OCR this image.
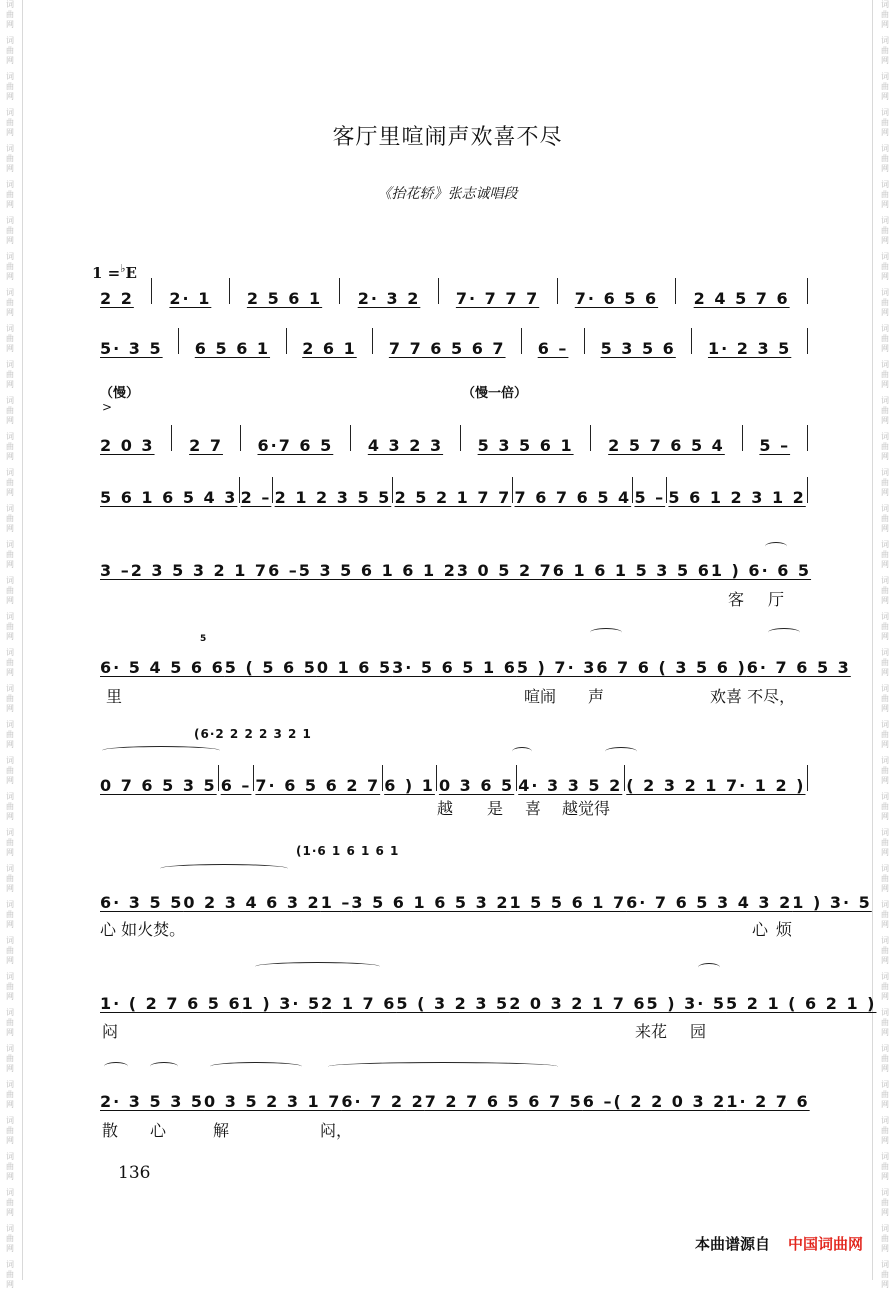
词
曲
网
词
曲
网
词
曲
网
词
曲
网
词
曲
网
词
曲
网
词
曲
网
词
曲
网
词
曲
网
词
曲
网
词
曲
网
词
曲
网
词
曲
网
词
曲
网
词
曲
网
词
曲
网
词
曲
网
词
曲
网
词
曲
网
词
曲
网
词
曲
网
词
曲
网
词
曲
网
词
曲
网
词
曲
网
词
曲
网
词
曲
网
词
曲
网
词
曲
网
词
曲
网
词
曲
网
词
曲
网
词
曲
网
词
曲
网
词
曲
网
词
曲
网
词
曲
网
词
曲
网
词
曲
网
词
曲
网
词
曲
网
词
曲
网
词
曲
网
词
曲
网
词
曲
网
词
曲
网
词
曲
网
词
曲
网
词
曲
网
词
曲
网
词
曲
网
词
曲
网
词
曲
网
词
曲
网
词
曲
网
词
曲
网
词
曲
网
词
曲
网
词
曲
网
词
曲
网
词
曲
网
词
曲
网
词
曲
网
词
曲
网
词
曲
网
词
曲
网
词
曲
网
词
曲
网
词
曲
网
词
曲
网
词
曲
网
词
曲
网
客厅里喧闹声欢喜不尽
《抬花轿》张志诚唱段
1 =♭E
（慢）	（慢一倍）
>
2 2 2· 1 2 5 6 1 2· 3 2 7· 7 7 7 7· 6 5 6 2 4 5 7 6
5· 3 5 6 5 6 1 2 6 1 7 7 6 5 6 7 6 – 5 3 5 6 1· 2 3 5
2 0 3 2 7 6·7 6 5 4 3 2 3 5 3 5 6 1 2 5 7 6 5 4 5 –
5 6 1 6 5 4 3 2 – 2 1 2 3 5 5 2 5 2 1 7 7 7 6 7 6 5 4 5 – 5 6 1 2 3 1 2
3 – 2 3 5 3 2 1 7 6 – 5 3 5 6 1 6 1 2 3 0 5 2 7 6 1 6 1 5 3 5 6 1 ) 6· 6 5
6· 5 4 5 6 6 5 ( 5 6 5 0 1 6 5 3· 5 6 5 1 6 5 ) 7· 3 6 7 6 ( 3 5 6 ) 6· 7 6 5 3
0 7 6 5 3 5 6 – 7· 6 5 6 2 7 6 ) 1 0 3 6 5 4· 3 3 5 2 ( 2 3 2 1 7· 1 2 )
6· 3 5 5 0 2 3 4 6 3 2 1 – 3 5 6 1 6 5 3 2 1 5 5 6 1 7 6· 7 6 5 3 4 3 2 1 ) 3· 5
1· ( 2 7 6 5 6 1 ) 3· 5 2 1 7 6 5 ( 3 2 3 5 2 0 3 2 1 7 6 5 ) 3· 5 5 2 1 ( 6 2 1 )
2· 3 5 3 5 0 3 5 2 3 1 7 6· 7 2 2 7 2 7 6 5 6 7 5 6 – ( 2 2 0 3 2 1· 2 7 6
客 厅
里	喧闹 声	欢喜 不尽，
越 是 喜 越觉得
心 如火焚。	心 烦
闷	来花 园
散 心	解	闷，
5
(6·2 2 2 2 3 2 1
(1·6 1 6 1 6 1
136
本曲谱源自 中国词曲网
